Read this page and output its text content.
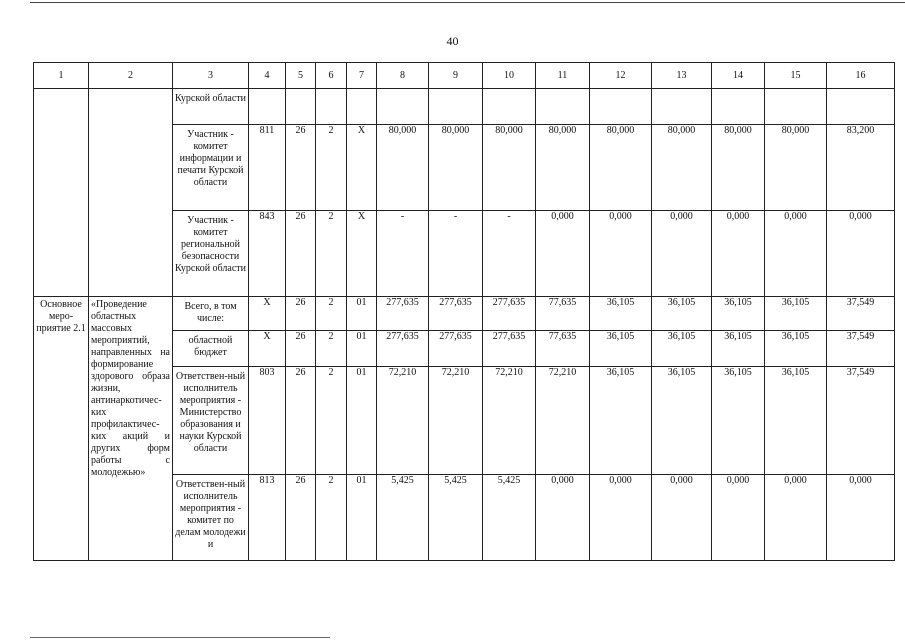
40
1	2	3	4	5	6	7	8	9	10	11	12	13	14	15	16
		Курской области													
		Участник - комитет информации и печати Курской области	811	26	2	Х	80,000	80,000	80,000	80,000	80,000	80,000	80,000	80,000	83,200
		Участник - комитет региональной безопасности Курской области	843	26	2	Х	-	-	-	0,000	0,000	0,000	0,000	0,000	0,000
Основное меро-приятие 2.1	«Проведение областных массовых мероприятий, направленных на формирование здорового образа жизни, антинаркотичес-ких профилактичес-ких акций и других форм работы с молодежью»	Всего, в том числе:	Х	26	2	01	277,635	277,635	277,635	77,635	36,105	36,105	36,105	36,105	37,549
		областной бюджет	Х	26	2	01	277,635	277,635	277,635	77,635	36,105	36,105	36,105	36,105	37,549
		Ответствен-ный исполнитель мероприятия - Министерство образования и науки Курской области	803	26	2	01	72,210	72,210	72,210	72,210	36,105	36,105	36,105	36,105	37,549
		Ответствен-ный исполнитель мероприятия - комитет по делам молодежи и	813	26	2	01	5,425	5,425	5,425	0,000	0,000	0,000	0,000	0,000	0,000
